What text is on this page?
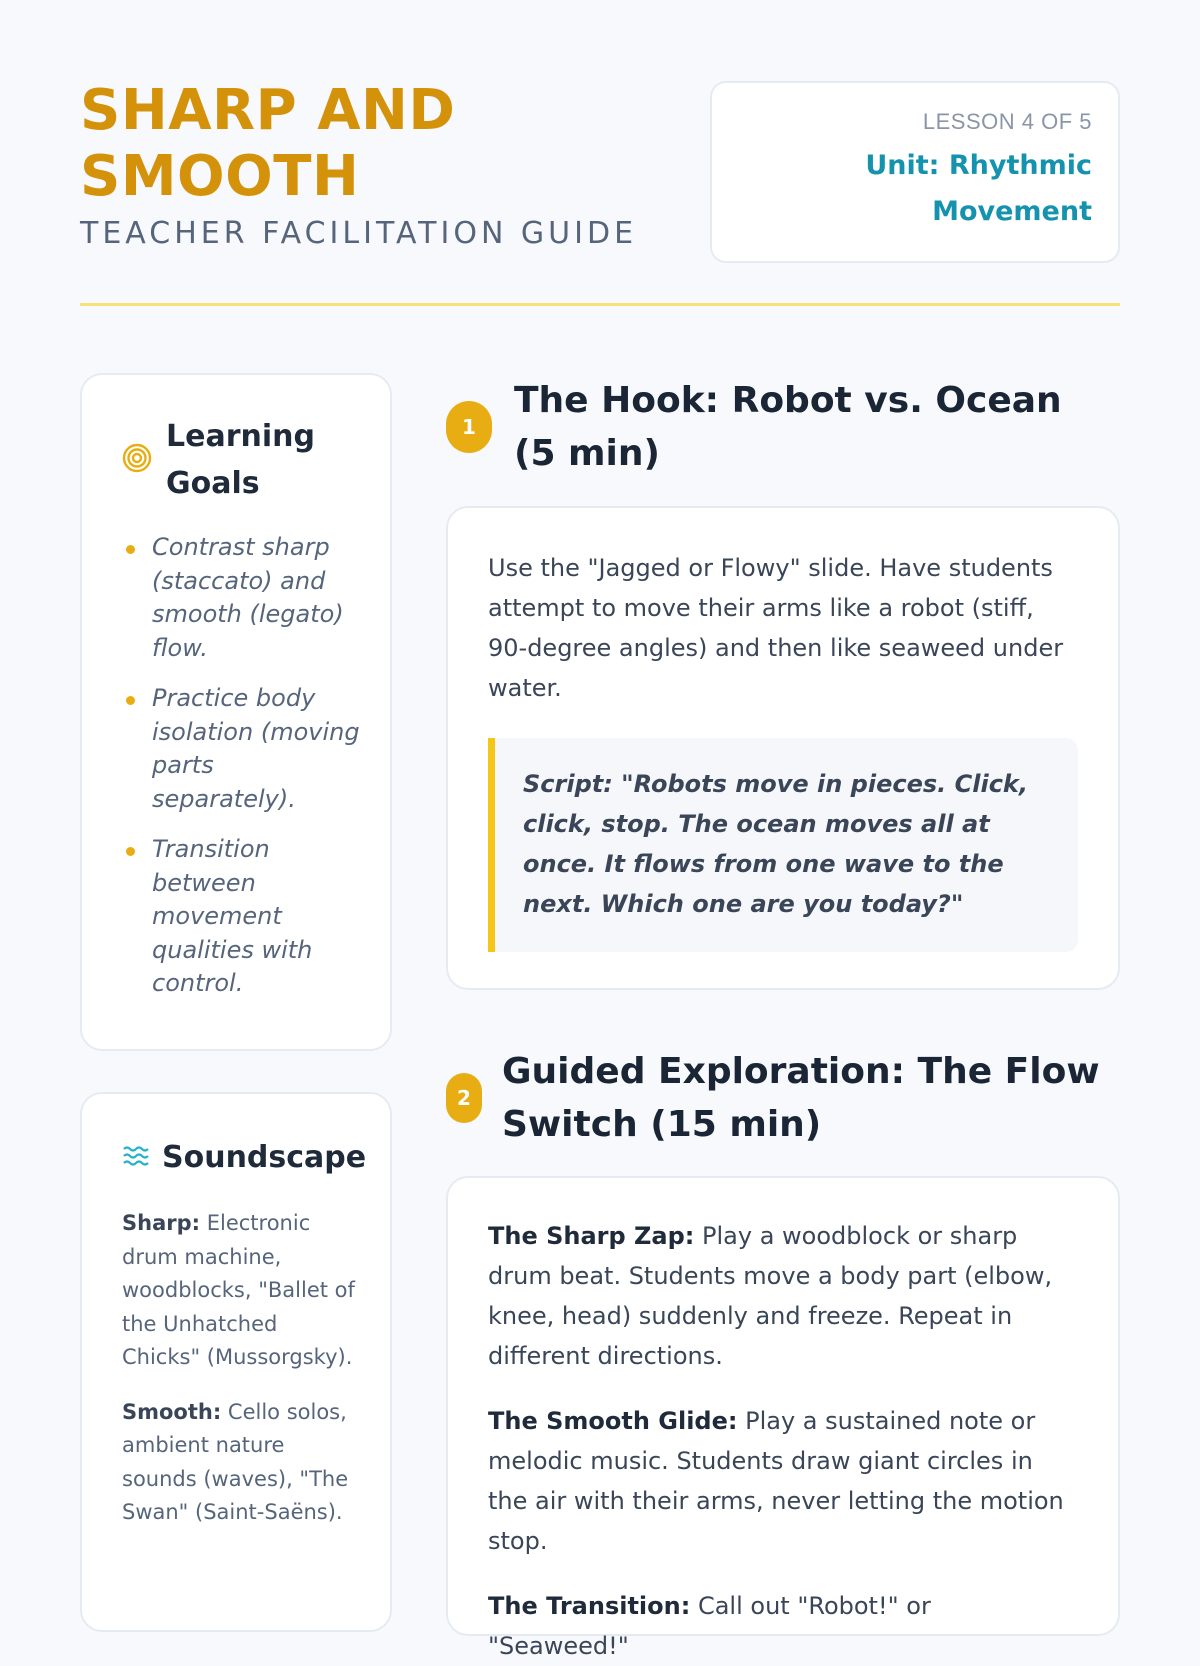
SHARP AND SMOOTH
TEACHER FACILITATION GUIDE
LESSON 4 OF 5
Unit: Rhythmic Movement
Learning Goals
Contrast sharp (staccato) and smooth (legato) flow.
Practice body isolation (moving parts separately).
Transition between movement qualities with control.
Soundscape

Sharp: Electronic drum machine, woodblocks, "Ballet of the Unhatched Chicks" (Mussorgsky).

Smooth: Cello solos, ambient nature sounds (waves), "The Swan" (Saint-Saëns).

1
The Hook: Robot vs. Ocean (5 min)

Use the "Jagged or Flowy" slide. Have students attempt to move their arms like a robot (stiff, 90-degree angles) and then like seaweed under water.

Script: "Robots move in pieces. Click, click, stop. The ocean moves all at once. It flows from one wave to the next. Which one are you today?"

2
Guided Exploration: The Flow Switch (15 min)

The Sharp Zap: Play a woodblock or sharp drum beat. Students move a body part (elbow, knee, head) suddenly and freeze. Repeat in different directions.

The Smooth Glide: Play a sustained note or melodic music. Students draw giant circles in the air with their arms, never letting the motion stop.

The Transition: Call out "Robot!" or "Seaweed!"
